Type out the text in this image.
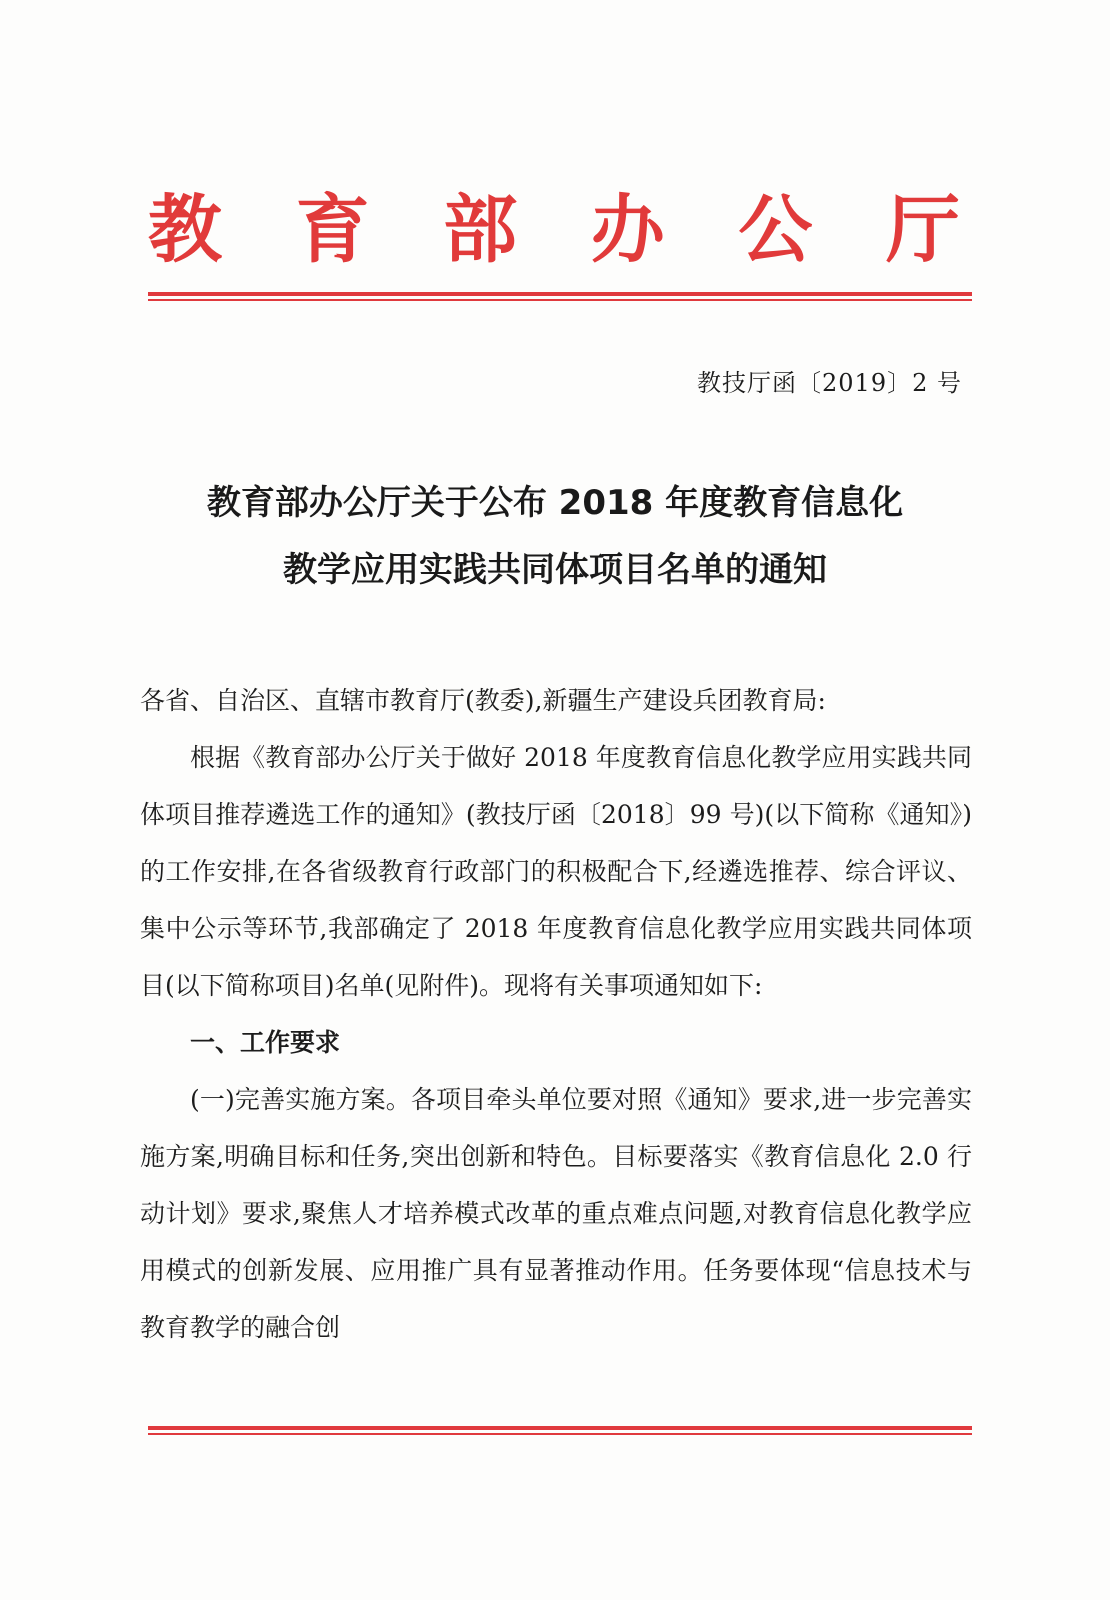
教 育 部 办 公 厅
教技厅函〔2019〕2 号
教育部办公厅关于公布 2018 年度教育信息化
教学应用实践共同体项目名单的通知

各省、自治区、直辖市教育厅(教委),新疆生产建设兵团教育局:

根据《教育部办公厅关于做好 2018 年度教育信息化教学应用实践共同体项目推荐遴选工作的通知》(教技厅函〔2018〕99 号)(以下简称《通知》)的工作安排,在各省级教育行政部门的积极配合下,经遴选推荐、综合评议、集中公示等环节,我部确定了 2018 年度教育信息化教学应用实践共同体项目(以下简称项目)名单(见附件)。现将有关事项通知如下:

一、工作要求

(一)完善实施方案。各项目牵头单位要对照《通知》要求,进一步完善实施方案,明确目标和任务,突出创新和特色。目标要落实《教育信息化 2.0 行动计划》要求,聚焦人才培养模式改革的重点难点问题,对教育信息化教学应用模式的创新发展、应用推广具有显著推动作用。任务要体现“信息技术与教育教学的融合创
